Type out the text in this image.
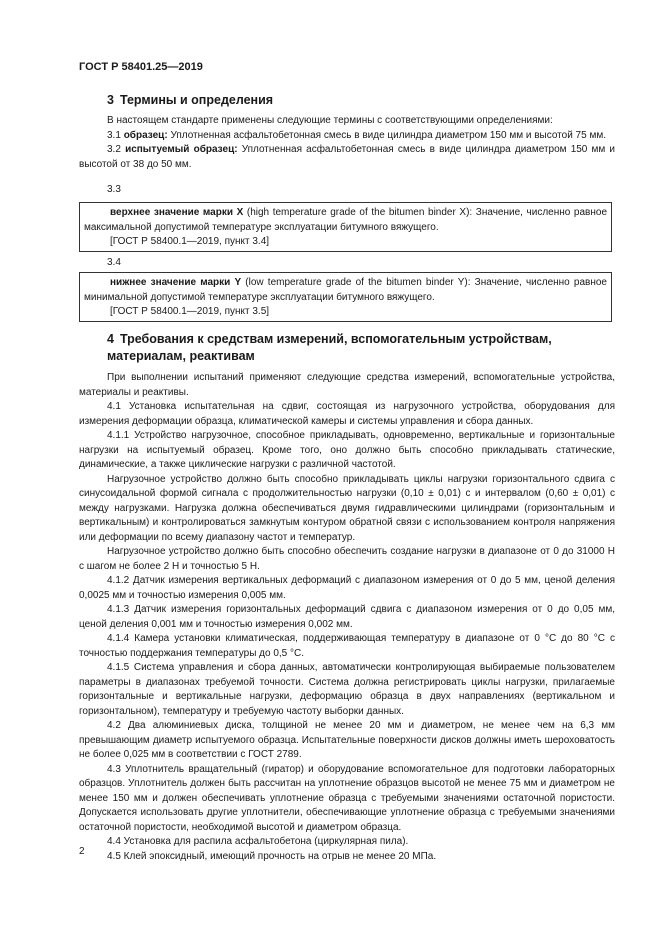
ГОСТ Р 58401.25—2019
3 Термины и определения

В настоящем стандарте применены следующие термины с соответствующими определениями:

3.1 образец: Уплотненная асфальтобетонная смесь в виде цилиндра диаметром 150 мм и высотой 75 мм.

3.2 испытуемый образец: Уплотненная асфальтобетонная смесь в виде цилиндра диаметром 150 мм и высотой от 38 до 50 мм.

3.3

верхнее значение марки X (high temperature grade of the bitumen binder X): Значение, численно равное максимальной допустимой температуре эксплуатации битумного вяжущего.

[ГОСТ Р 58400.1—2019, пункт 3.4]

3.4

нижнее значение марки Y (low temperature grade of the bitumen binder Y): Значение, численно равное минимальной допустимой температуре эксплуатации битумного вяжущего.

[ГОСТ Р 58400.1—2019, пункт 3.5]

4 Требования к средствам измерений, вспомогательным устройствам, материалам, реактивам

При выполнении испытаний применяют следующие средства измерений, вспомогательные устройства, материалы и реактивы.

4.1 Установка испытательная на сдвиг, состоящая из нагрузочного устройства, оборудования для измерения деформации образца, климатической камеры и системы управления и сбора данных.

4.1.1 Устройство нагрузочное, способное прикладывать, одновременно, вертикальные и горизонтальные нагрузки на испытуемый образец. Кроме того, оно должно быть способно прикладывать статические, динамические, а также циклические нагрузки с различной частотой.

Нагрузочное устройство должно быть способно прикладывать циклы нагрузки горизонтального сдвига с синусоидальной формой сигнала с продолжительностью нагрузки (0,10 ± 0,01) с и интервалом (0,60 ± 0,01) с между нагрузками. Нагрузка должна обеспечиваться двумя гидравлическими цилиндрами (горизонтальным и вертикальным) и контролироваться замкнутым контуром обратной связи с использованием контроля напряжения или деформации по всему диапазону частот и температур.

Нагрузочное устройство должно быть способно обеспечить создание нагрузки в диапазоне от 0 до 31000 Н с шагом не более 2 Н и точностью 5 Н.

4.1.2 Датчик измерения вертикальных деформаций с диапазоном измерения от 0 до 5 мм, ценой деления 0,0025 мм и точностью измерения 0,005 мм.

4.1.3 Датчик измерения горизонтальных деформаций сдвига с диапазоном измерения от 0 до 0,05 мм, ценой деления 0,001 мм и точностью измерения 0,002 мм.

4.1.4 Камера установки климатическая, поддерживающая температуру в диапазоне от 0 °С до 80 °С с точностью поддержания температуры до 0,5 °С.

4.1.5 Система управления и сбора данных, автоматически контролирующая выбираемые пользователем параметры в диапазонах требуемой точности. Система должна регистрировать циклы нагрузки, прилагаемые горизонтальные и вертикальные нагрузки, деформацию образца в двух направлениях (вертикальном и горизонтальном), температуру и требуемую частоту выборки данных.

4.2 Два алюминиевых диска, толщиной не менее 20 мм и диаметром, не менее чем на 6,3 мм превышающим диаметр испытуемого образца. Испытательные поверхности дисков должны иметь шероховатость не более 0,025 мм в соответствии с ГОСТ 2789.

4.3 Уплотнитель вращательный (гиратор) и оборудование вспомогательное для подготовки лабораторных образцов. Уплотнитель должен быть рассчитан на уплотнение образцов высотой не менее 75 мм и диаметром не менее 150 мм и должен обеспечивать уплотнение образца с требуемыми значениями остаточной пористости. Допускается использовать другие уплотнители, обеспечивающие уплотнение образца с требуемыми значениями остаточной пористости, необходимой высотой и диаметром образца.

4.4 Установка для распила асфальтобетона (циркулярная пила).

4.5 Клей эпоксидный, имеющий прочность на отрыв не менее 20 МПа.

2
